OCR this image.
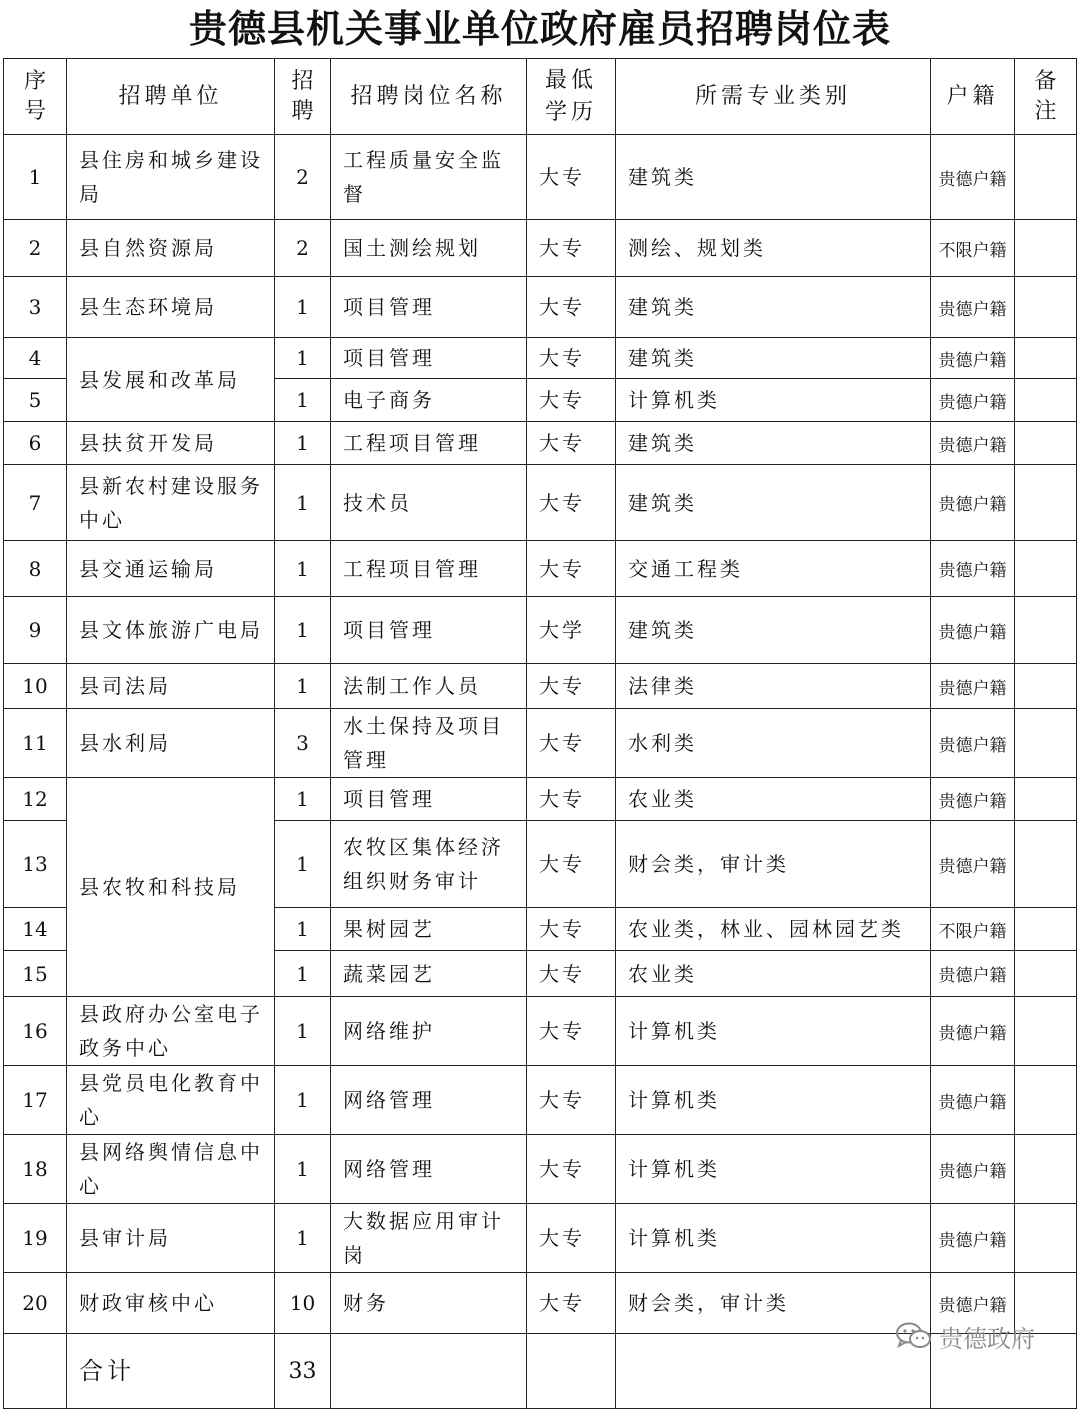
贵德县机关事业单位政府雇员招聘岗位表
序号	招聘单位	招聘	招聘岗位名称	最低学历	所需专业类别	户籍	备注
1	县住房和城乡建设局	2	工程质量安全监督	大专	建筑类	贵德户籍	
2	县自然资源局	2	国土测绘规划	大专	测绘、规划类	不限户籍	
3	县生态环境局	1	项目管理	大专	建筑类	贵德户籍	
4	县发展和改革局	1	项目管理	大专	建筑类	贵德户籍	
5		1	电子商务	大专	计算机类	贵德户籍	
6	县扶贫开发局	1	工程项目管理	大专	建筑类	贵德户籍	
7	县新农村建设服务中心	1	技术员	大专	建筑类	贵德户籍	
8	县交通运输局	1	工程项目管理	大专	交通工程类	贵德户籍	
9	县文体旅游广电局	1	项目管理	大学	建筑类	贵德户籍	
10	县司法局	1	法制工作人员	大专	法律类	贵德户籍	
11	县水利局	3	水土保持及项目管理	大专	水利类	贵德户籍	
12	县农牧和科技局	1	项目管理	大专	农业类	贵德户籍	
13		1	农牧区集体经济组织财务审计	大专	财会类，审计类	贵德户籍	
14		1	果树园艺	大专	农业类，林业、园林园艺类	不限户籍	
15		1	蔬菜园艺	大专	农业类	贵德户籍	
16	县政府办公室电子政务中心	1	网络维护	大专	计算机类	贵德户籍	
17	县党员电化教育中心	1	网络管理	大专	计算机类	贵德户籍	
18	县网络舆情信息中心	1	网络管理	大专	计算机类	贵德户籍	
19	县审计局	1	大数据应用审计岗	大专	计算机类	贵德户籍	
20	财政审核中心	10	财务	大专	财会类，审计类	贵德户籍	
	合计	33					
贵德政府
